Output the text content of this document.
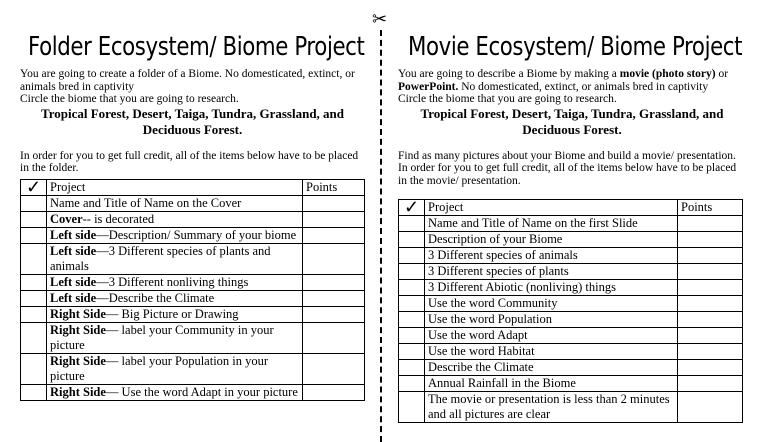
✂
Folder Ecosystem/ Biome Project

You are going to create a folder of a Biome. No domesticated, extinct, or animals bred in captivity
Circle the biome that you are going to research.

Tropical Forest, Desert, Taiga, Tundra, Grassland, and Deciduous Forest.

In order for you to get full credit, all of the items below have to be placed in the folder.

✓	Project	Points
	Name and Title of Name on the Cover	
	Cover-- is decorated	
	Left side—Description/ Summary of your biome	
	Left side—3 Different species of plants and animals	
	Left side—3 Different nonliving things	
	Left side—Describe the Climate	
	Right Side— Big Picture or Drawing	
	Right Side— label your Community in your picture	
	Right Side— label your Population in your picture	
	Right Side— Use the word Adapt in your picture	
Movie Ecosystem/ Biome Project

You are going to describe a Biome by making a movie (photo story) or PowerPoint. No domesticated, extinct, or animals bred in captivity
Circle the biome that you are going to research.

Tropical Forest, Desert, Taiga, Tundra, Grassland, and Deciduous Forest.

Find as many pictures about your Biome and build a movie/ presentation. In order for you to get full credit, all of the items below have to be placed in the movie/ presentation.

✓	Project	Points
	Name and Title of Name on the first Slide	
	Description of your Biome	
	3 Different species of animals	
	3 Different species of plants	
	3 Different Abiotic (nonliving) things	
	Use the word Community	
	Use the word Population	
	Use the word Adapt	
	Use the word Habitat	
	Describe the Climate	
	Annual Rainfall in the Biome	
	The movie or presentation is less than 2 minutes and all pictures are clear	
